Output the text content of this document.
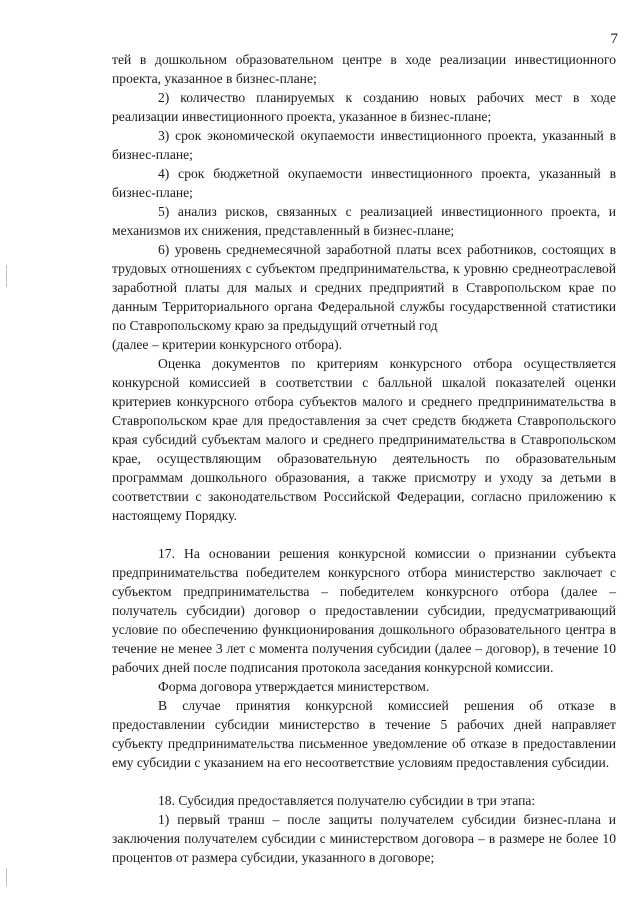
7

тей в дошкольном образовательном центре в ходе реализации инвестиционного проекта, указанное в бизнес-плане;

2) количество планируемых к созданию новых рабочих мест в ходе реализации инвестиционного проекта, указанное в бизнес-плане;

3) срок экономической окупаемости инвестиционного проекта, указанный в бизнес-плане;

4) срок бюджетной окупаемости инвестиционного проекта, указанный в бизнес-плане;

5) анализ рисков, связанных с реализацией инвестиционного проекта, и механизмов их снижения, представленный в бизнес-плане;

6) уровень среднемесячной заработной платы всех работников, состоящих в трудовых отношениях с субъектом предпринимательства, к уровню среднеотраслевой заработной платы для малых и средних предприятий в Ставропольском крае по данным Территориального органа Федеральной службы государственной статистики по Ставропольскому краю за предыдущий отчетный год

(далее – критерии конкурсного отбора).

Оценка документов по критериям конкурсного отбора осуществляется конкурсной комиссией в соответствии с балльной шкалой показателей оценки критериев конкурсного отбора субъектов малого и среднего предпринимательства в Ставропольском крае для предоставления за счет средств бюджета Ставропольского края субсидий субъектам малого и среднего предпринимательства в Ставропольском крае, осуществляющим образовательную деятельность по образовательным программам дошкольного образования, а также присмотру и уходу за детьми в соответствии с законодательством Российской Федерации, согласно приложению к настоящему Порядку.

17. На основании решения конкурсной комиссии о признании субъекта предпринимательства победителем конкурсного отбора министерство заключает с субъектом предпринимательства – победителем конкурсного отбора (далее – получатель субсидии) договор о предоставлении субсидии, предусматривающий условие по обеспечению функционирования дошкольного образовательного центра в течение не менее 3 лет с момента получения субсидии (далее – договор), в течение 10 рабочих дней после подписания протокола заседания конкурсной комиссии.

Форма договора утверждается министерством.

В случае принятия конкурсной комиссией решения об отказе в предоставлении субсидии министерство в течение 5 рабочих дней направляет субъекту предпринимательства письменное уведомление об отказе в предоставлении ему субсидии с указанием на его несоответствие условиям предоставления субсидии.

18. Субсидия предоставляется получателю субсидии в три этапа:

1) первый транш – после защиты получателем субсидии бизнес-плана и заключения получателем субсидии с министерством договора – в размере не более 10 процентов от размера субсидии, указанного в договоре;
